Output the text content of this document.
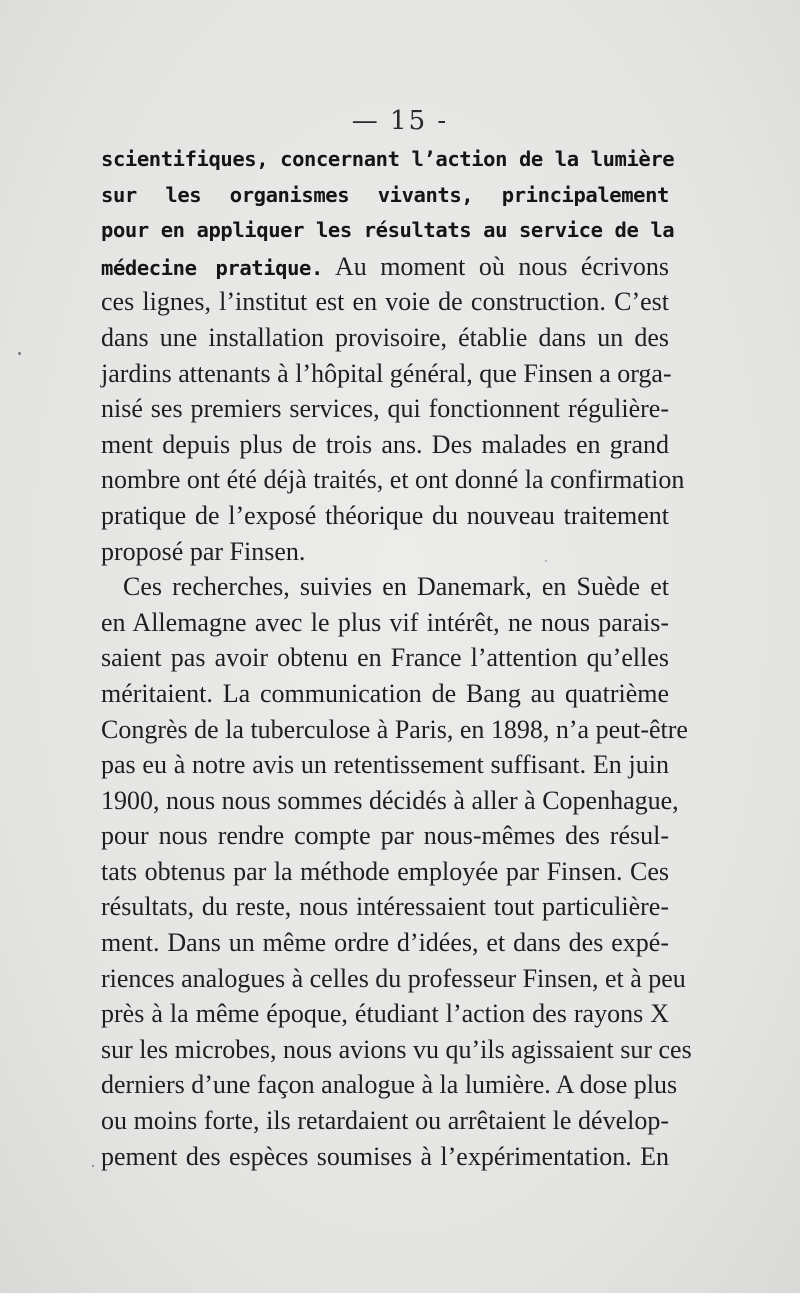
— 15 -
scientifiques, concernant l’action de la lumière
sur les organismes vivants, principalement
pour en appliquer les résultats au service de la
médecine pratique. Au moment où nous écrivons
ces lignes, l’institut est en voie de construction. C’est
dans une installation provisoire, établie dans un des
jardins attenants à l’hôpital général, que Finsen a orga-
nisé ses premiers services, qui fonctionnent régulière-
ment depuis plus de trois ans. Des malades en grand
nombre ont été déjà traités, et ont donné la confirmation
pratique de l’exposé théorique du nouveau traitement
proposé par Finsen.
Ces recherches, suivies en Danemark, en Suède et
en Allemagne avec le plus vif intérêt, ne nous parais-
saient pas avoir obtenu en France l’attention qu’elles
méritaient. La communication de Bang au quatrième
Congrès de la tuberculose à Paris, en 1898, n’a peut-être
pas eu à notre avis un retentissement suffisant. En juin
1900, nous nous sommes décidés à aller à Copenhague,
pour nous rendre compte par nous-mêmes des résul-
tats obtenus par la méthode employée par Finsen. Ces
résultats, du reste, nous intéressaient tout particulière-
ment. Dans un même ordre d’idées, et dans des expé-
riences analogues à celles du professeur Finsen, et à peu
près à la même époque, étudiant l’action des rayons X
sur les microbes, nous avions vu qu’ils agissaient sur ces
derniers d’une façon analogue à la lumière. A dose plus
ou moins forte, ils retardaient ou arrêtaient le dévelop-
pement des espèces soumises à l’expérimentation. En
